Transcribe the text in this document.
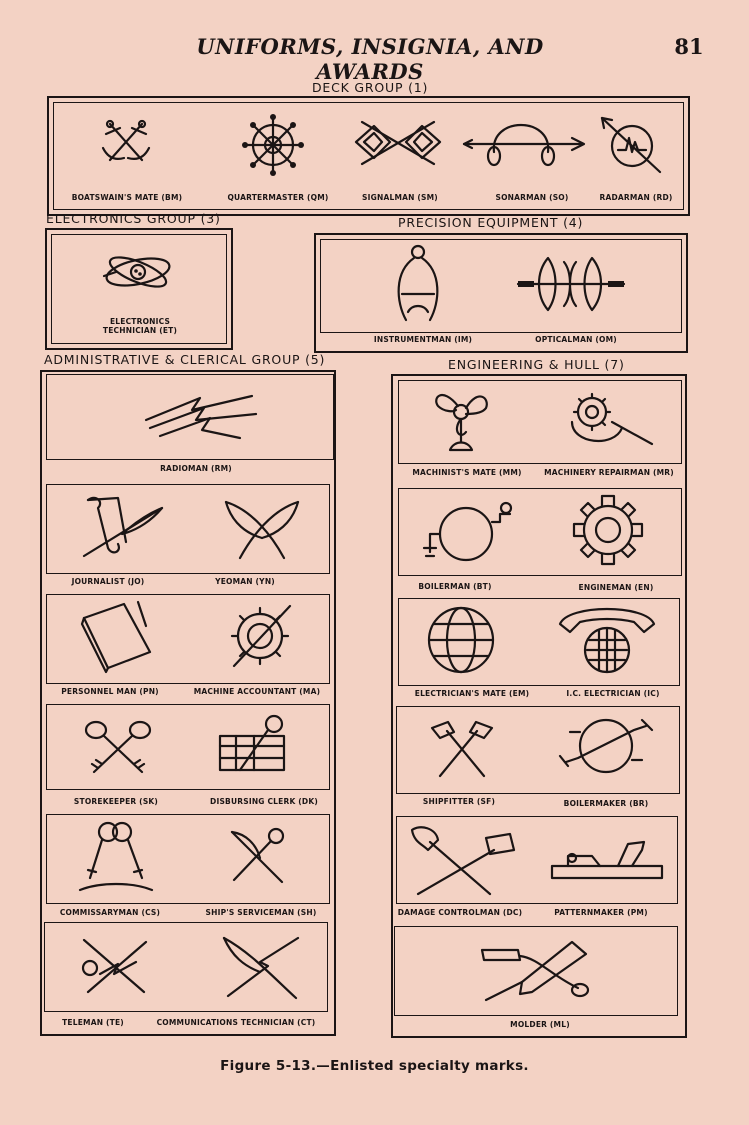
UNIFORMS, INSIGNIA, AND AWARDS
81
DECK GROUP (1)
BOATSWAIN'S MATE (BM)	QUARTERMASTER (QM)	SIGNALMAN (SM)	SONARMAN (SO)	RADARMAN (RD)
ELECTRONICS GROUP (3)
ELECTRONICS
TECHNICIAN (ET)
PRECISION EQUIPMENT (4)
INSTRUMENTMAN (IM)	OPTICALMAN (OM)
ADMINISTRATIVE & CLERICAL GROUP (5)
RADIOMAN (RM)
JOURNALIST (JO)	YEOMAN (YN)
PERSONNEL MAN (PN)	MACHINE ACCOUNTANT (MA)
STOREKEEPER (SK)	DISBURSING CLERK (DK)
COMMISSARYMAN (CS)	SHIP'S SERVICEMAN (SH)
TELEMAN (TE)	COMMUNICATIONS TECHNICIAN (CT)
ENGINEERING & HULL (7)
MACHINIST'S MATE (MM)	MACHINERY REPAIRMAN (MR)
BOILERMAN (BT)	ENGINEMAN (EN)
ELECTRICIAN'S MATE (EM)	I.C. ELECTRICIAN (IC)
SHIPFITTER (SF)	BOILERMAKER (BR)
DAMAGE CONTROLMAN (DC)	PATTERNMAKER (PM)
MOLDER (ML)
Figure 5-13.—Enlisted specialty marks.
